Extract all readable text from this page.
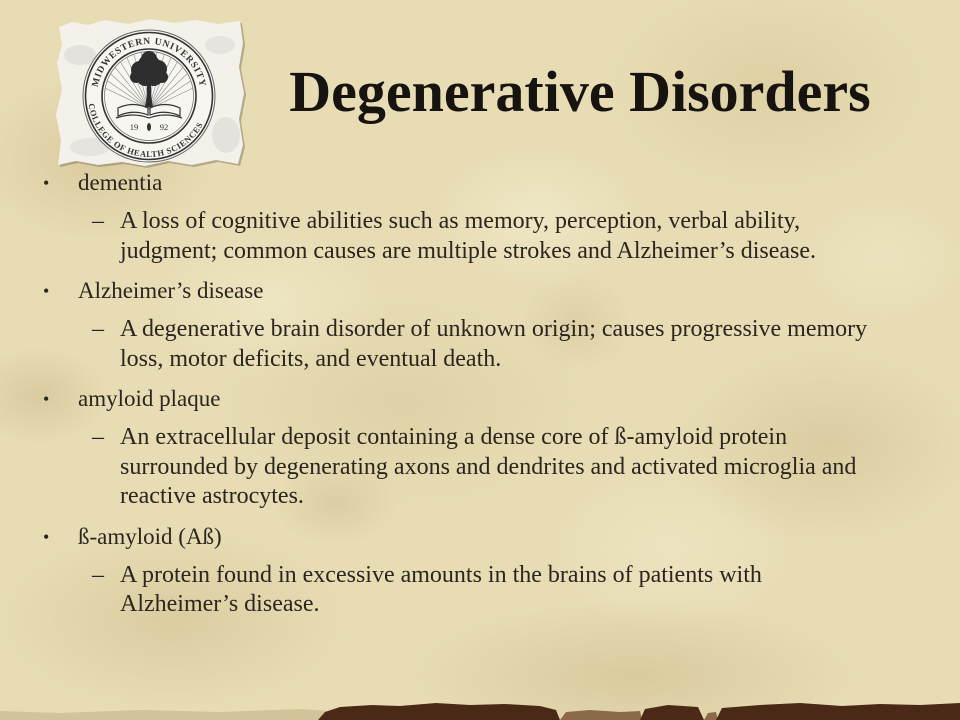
MIDWESTERN UNIVERSITY
COLLEGE OF HEALTH SCIENCES
19	92
Degenerative Disorders
• dementia
– A loss of cognitive abilities such as memory, perception, verbal ability,
judgment; common causes are multiple strokes and Alzheimer’s disease.
• Alzheimer’s disease
– A degenerative brain disorder of unknown origin; causes progressive memory
loss, motor deficits, and eventual death.
• amyloid plaque
– An extracellular deposit containing a dense core of ß-amyloid protein
surrounded by degenerating axons and dendrites and activated microglia and
reactive astrocytes.
• ß-amyloid (Aß)
– A protein found in excessive amounts in the brains of patients with
Alzheimer’s disease.
